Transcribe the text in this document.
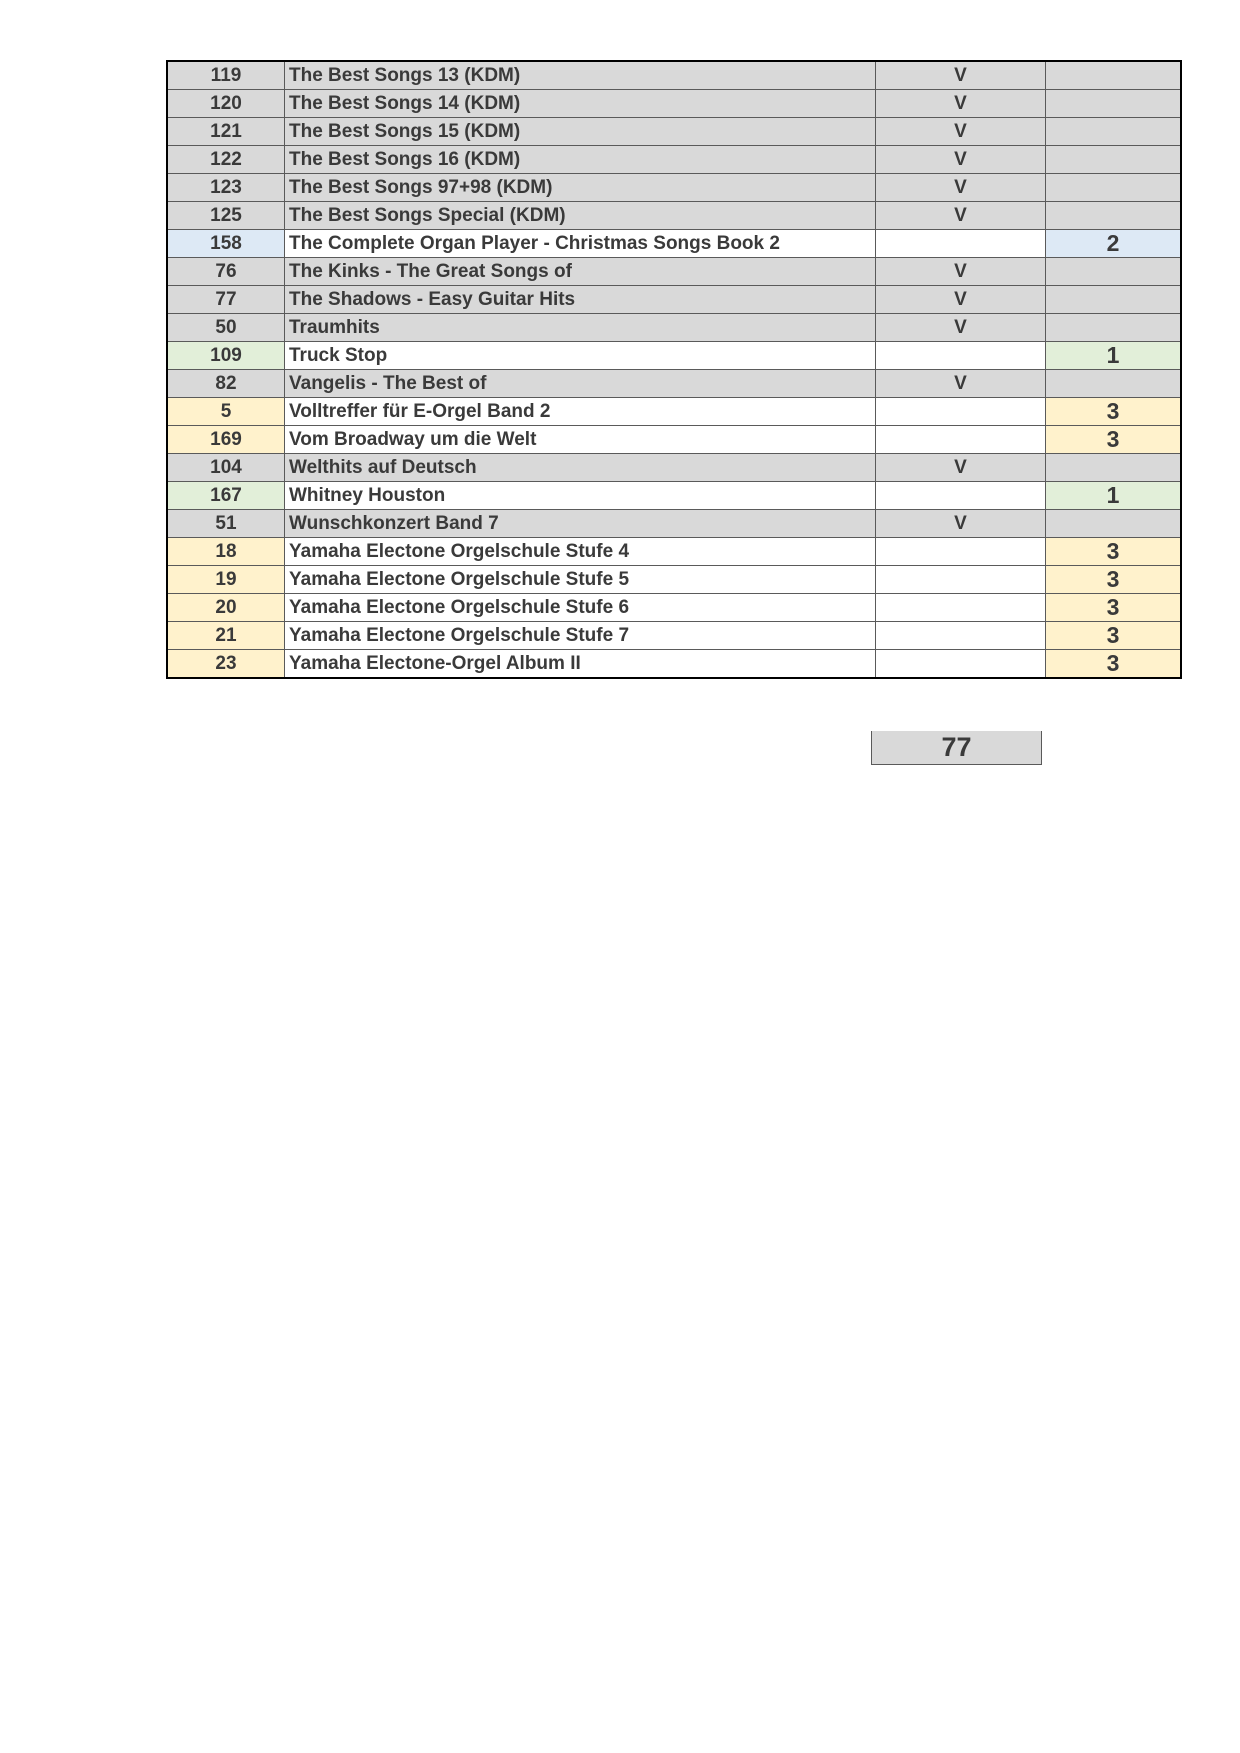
119	The Best Songs 13 (KDM)	V	
120	The Best Songs 14 (KDM)	V	
121	The Best Songs 15 (KDM)	V	
122	The Best Songs 16 (KDM)	V	
123	The Best Songs 97+98 (KDM)	V	
125	The Best Songs Special (KDM)	V	
158	The Complete Organ Player - Christmas Songs Book 2		2
76	The Kinks - The Great Songs of	V	
77	The Shadows - Easy Guitar Hits	V	
50	Traumhits	V	
109	Truck Stop		1
82	Vangelis - The Best of	V	
5	Volltreffer für E-Orgel Band 2		3
169	Vom Broadway um die Welt		3
104	Welthits auf Deutsch	V	
167	Whitney Houston		1
51	Wunschkonzert Band 7	V	
18	Yamaha Electone Orgelschule Stufe 4		3
19	Yamaha Electone Orgelschule Stufe 5		3
20	Yamaha Electone Orgelschule Stufe 6		3
21	Yamaha Electone Orgelschule Stufe 7		3
23	Yamaha Electone-Orgel Album II		3
77
